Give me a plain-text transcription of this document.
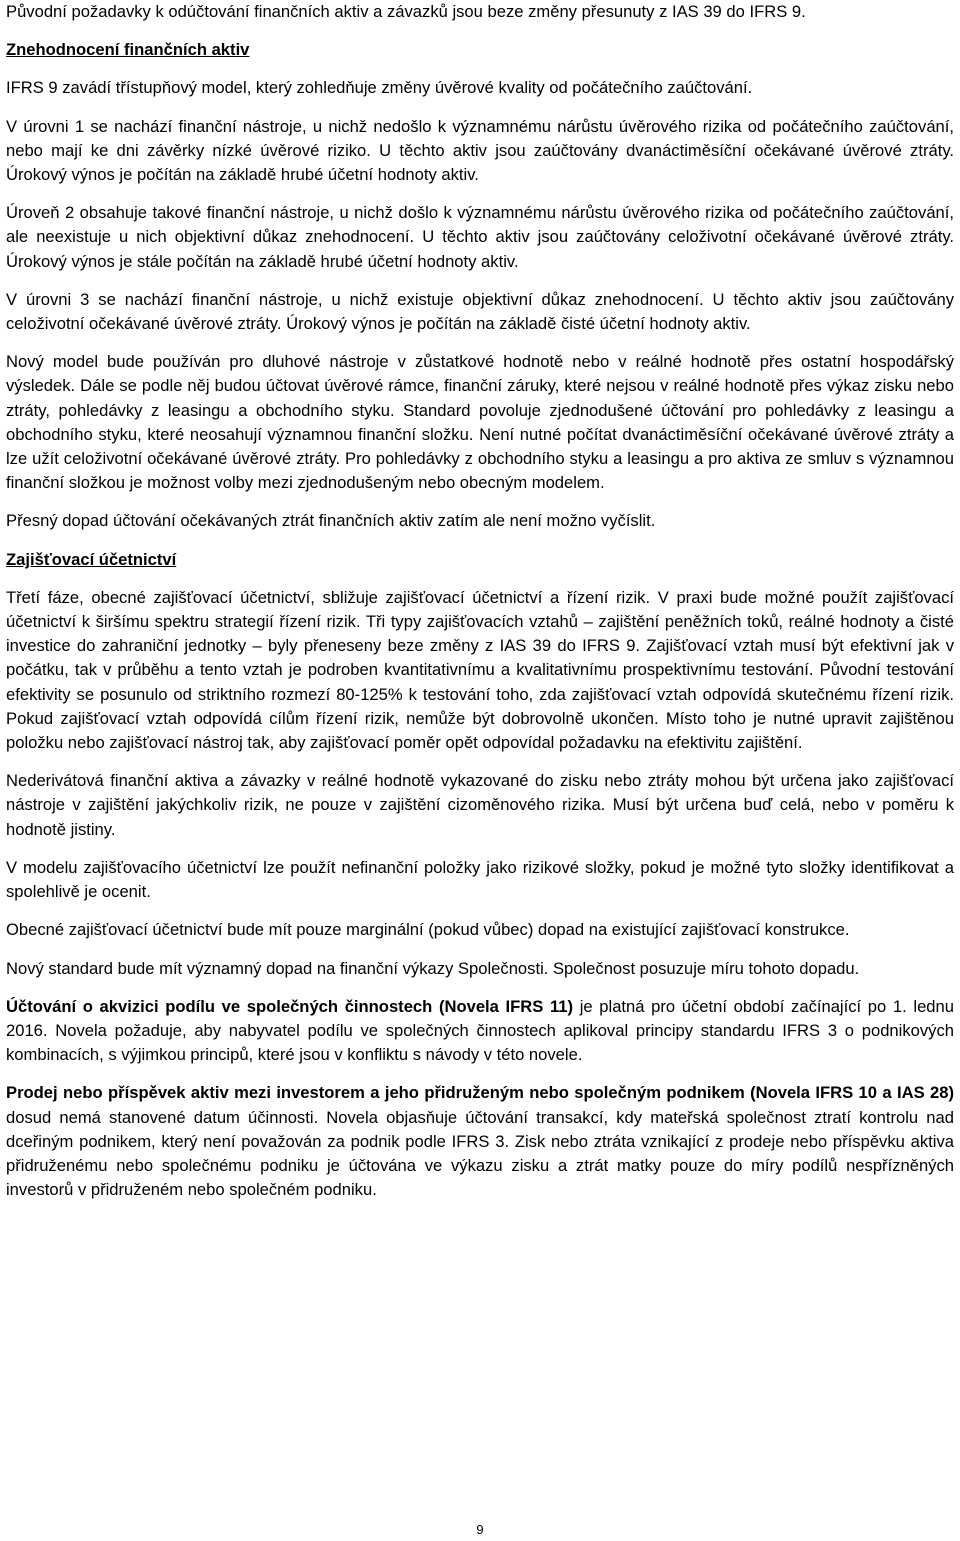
Původní požadavky k odúčtování finančních aktiv a závazků jsou beze změny přesunuty z IAS 39 do IFRS 9.

Znehodnocení finančních aktiv

IFRS 9 zavádí třístupňový model, který zohledňuje změny úvěrové kvality od počátečního zaúčtování.

V úrovni 1 se nachází finanční nástroje, u nichž nedošlo k významnému nárůstu úvěrového rizika od počátečního zaúčtování, nebo mají ke dni závěrky nízké úvěrové riziko. U těchto aktiv jsou zaúčtovány dvanáctiměsíční očekávané úvěrové ztráty. Úrokový výnos je počítán na základě hrubé účetní hodnoty aktiv.

Úroveň 2 obsahuje takové finanční nástroje, u nichž došlo k významnému nárůstu úvěrového rizika od počátečního zaúčtování, ale neexistuje u nich objektivní důkaz znehodnocení. U těchto aktiv jsou zaúčtovány celoživotní očekávané úvěrové ztráty. Úrokový výnos je stále počítán na základě hrubé účetní hodnoty aktiv.

V úrovni 3 se nachází finanční nástroje, u nichž existuje objektivní důkaz znehodnocení. U těchto aktiv jsou zaúčtovány celoživotní očekávané úvěrové ztráty. Úrokový výnos je počítán na základě čisté účetní hodnoty aktiv.

Nový model bude používán pro dluhové nástroje v zůstatkové hodnotě nebo v reálné hodnotě přes ostatní hospodářský výsledek. Dále se podle něj budou účtovat úvěrové rámce, finanční záruky, které nejsou v reálné hodnotě přes výkaz zisku nebo ztráty, pohledávky z leasingu a obchodního styku. Standard povoluje zjednodušené účtování pro pohledávky z leasingu a obchodního styku, které neosahují významnou finanční složku. Není nutné počítat dvanáctiměsíční očekávané úvěrové ztráty a lze užít celoživotní očekávané úvěrové ztráty. Pro pohledávky z obchodního styku a leasingu a pro aktiva ze smluv s významnou finanční složkou je možnost volby mezi zjednodušeným nebo obecným modelem.

Přesný dopad účtování očekávaných ztrát finančních aktiv zatím ale není možno vyčíslit.

Zajišťovací účetnictví

Třetí fáze, obecné zajišťovací účetnictví, sbližuje zajišťovací účetnictví a řízení rizik. V praxi bude možné použít zajišťovací účetnictví k širšímu spektru strategií řízení rizik. Tři typy zajišťovacích vztahů – zajištění peněžních toků, reálné hodnoty a čisté investice do zahraniční jednotky – byly přeneseny beze změny z IAS 39 do IFRS 9. Zajišťovací vztah musí být efektivní jak v počátku, tak v průběhu a tento vztah je podroben kvantitativnímu a kvalitativnímu prospektivnímu testování. Původní testování efektivity se posunulo od striktního rozmezí 80-125% k testování toho, zda zajišťovací vztah odpovídá skutečnému řízení rizik. Pokud zajišťovací vztah odpovídá cílům řízení rizik, nemůže být dobrovolně ukončen. Místo toho je nutné upravit zajištěnou položku nebo zajišťovací nástroj tak, aby zajišťovací poměr opět odpovídal požadavku na efektivitu zajištění.

Nederivátová finanční aktiva a závazky v reálné hodnotě vykazované do zisku nebo ztráty mohou být určena jako zajišťovací nástroje v zajištění jakýchkoliv rizik, ne pouze v zajištění cizoměnového rizika. Musí být určena buď celá, nebo v poměru k hodnotě jistiny.

V modelu zajišťovacího účetnictví lze použít nefinanční položky jako rizikové složky, pokud je možné tyto složky identifikovat a spolehlivě je ocenit.

Obecné zajišťovací účetnictví bude mít pouze marginální (pokud vůbec) dopad na existující zajišťovací konstrukce.

Nový standard bude mít významný dopad na finanční výkazy Společnosti. Společnost posuzuje míru tohoto dopadu.

Účtování o akvizici podílu ve společných činnostech (Novela IFRS 11) je platná pro účetní období začínající po 1. lednu 2016. Novela požaduje, aby nabyvatel podílu ve společných činnostech aplikoval principy standardu IFRS 3 o podnikových kombinacích, s výjimkou principů, které jsou v konfliktu s návody v této novele.

Prodej nebo příspěvek aktiv mezi investorem a jeho přidruženým nebo společným podnikem (Novela IFRS 10 a IAS 28) dosud nemá stanovené datum účinnosti. Novela objasňuje účtování transakcí, kdy mateřská společnost ztratí kontrolu nad dceřiným podnikem, který není považován za podnik podle IFRS 3. Zisk nebo ztráta vznikající z prodeje nebo příspěvku aktiva přidruženému nebo společnému podniku je účtována ve výkazu zisku a ztrát matky pouze do míry podílů nespřízněných investorů v přidruženém nebo společném podniku.

9
